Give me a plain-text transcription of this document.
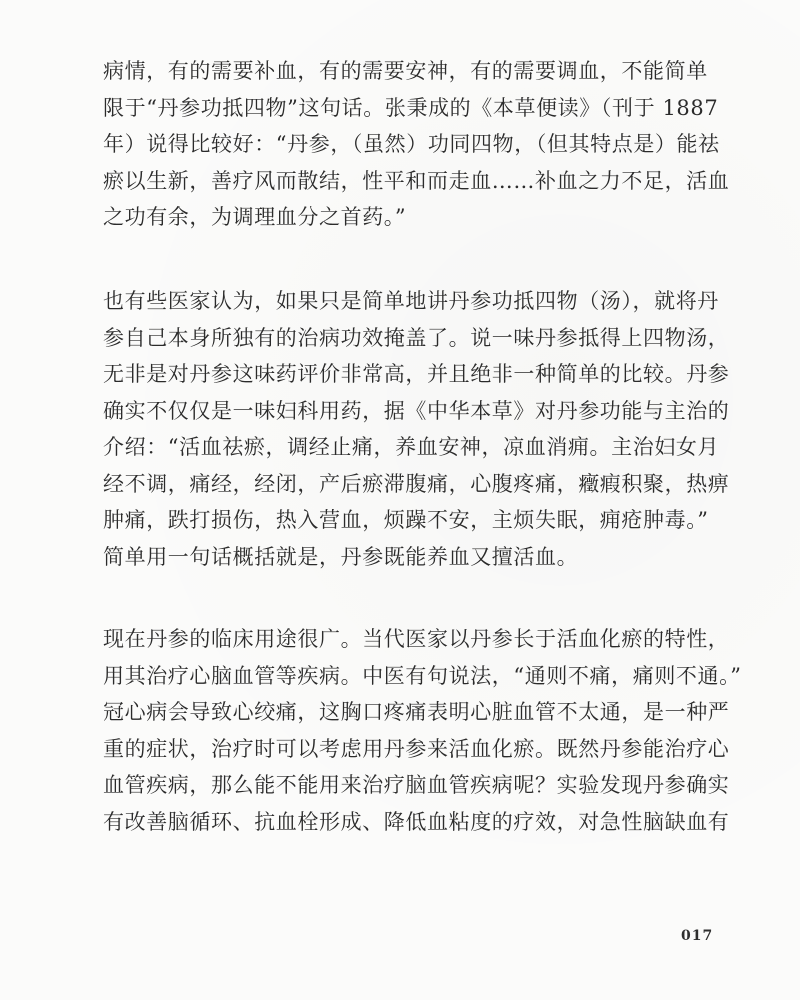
病情，有的需要补血，有的需要安神，有的需要调血，不能简单
限于“丹参功抵四物”这句话。张秉成的《本草便读》（刊于 1887
年）说得比较好：“丹参，（虽然）功同四物，（但其特点是）能祛
瘀以生新，善疗风而散结，性平和而走血……补血之力不足，活血
之功有余，为调理血分之首药。”

也有些医家认为，如果只是简单地讲丹参功抵四物（汤），就将丹
参自己本身所独有的治病功效掩盖了。说一味丹参抵得上四物汤，
无非是对丹参这味药评价非常高，并且绝非一种简单的比较。丹参
确实不仅仅是一味妇科用药，据《中华本草》对丹参功能与主治的
介绍：“活血祛瘀，调经止痛，养血安神，凉血消痈。主治妇女月
经不调，痛经，经闭，产后瘀滞腹痛，心腹疼痛，癥瘕积聚，热痹
肿痛，跌打损伤，热入营血，烦躁不安，主烦失眠，痈疮肿毒。”
简单用一句话概括就是，丹参既能养血又擅活血。

现在丹参的临床用途很广。当代医家以丹参长于活血化瘀的特性，
用其治疗心脑血管等疾病。中医有句说法，“通则不痛，痛则不通。”
冠心病会导致心绞痛，这胸口疼痛表明心脏血管不太通，是一种严
重的症状，治疗时可以考虑用丹参来活血化瘀。既然丹参能治疗心
血管疾病，那么能不能用来治疗脑血管疾病呢？实验发现丹参确实
有改善脑循环、抗血栓形成、降低血粘度的疗效，对急性脑缺血有

017
